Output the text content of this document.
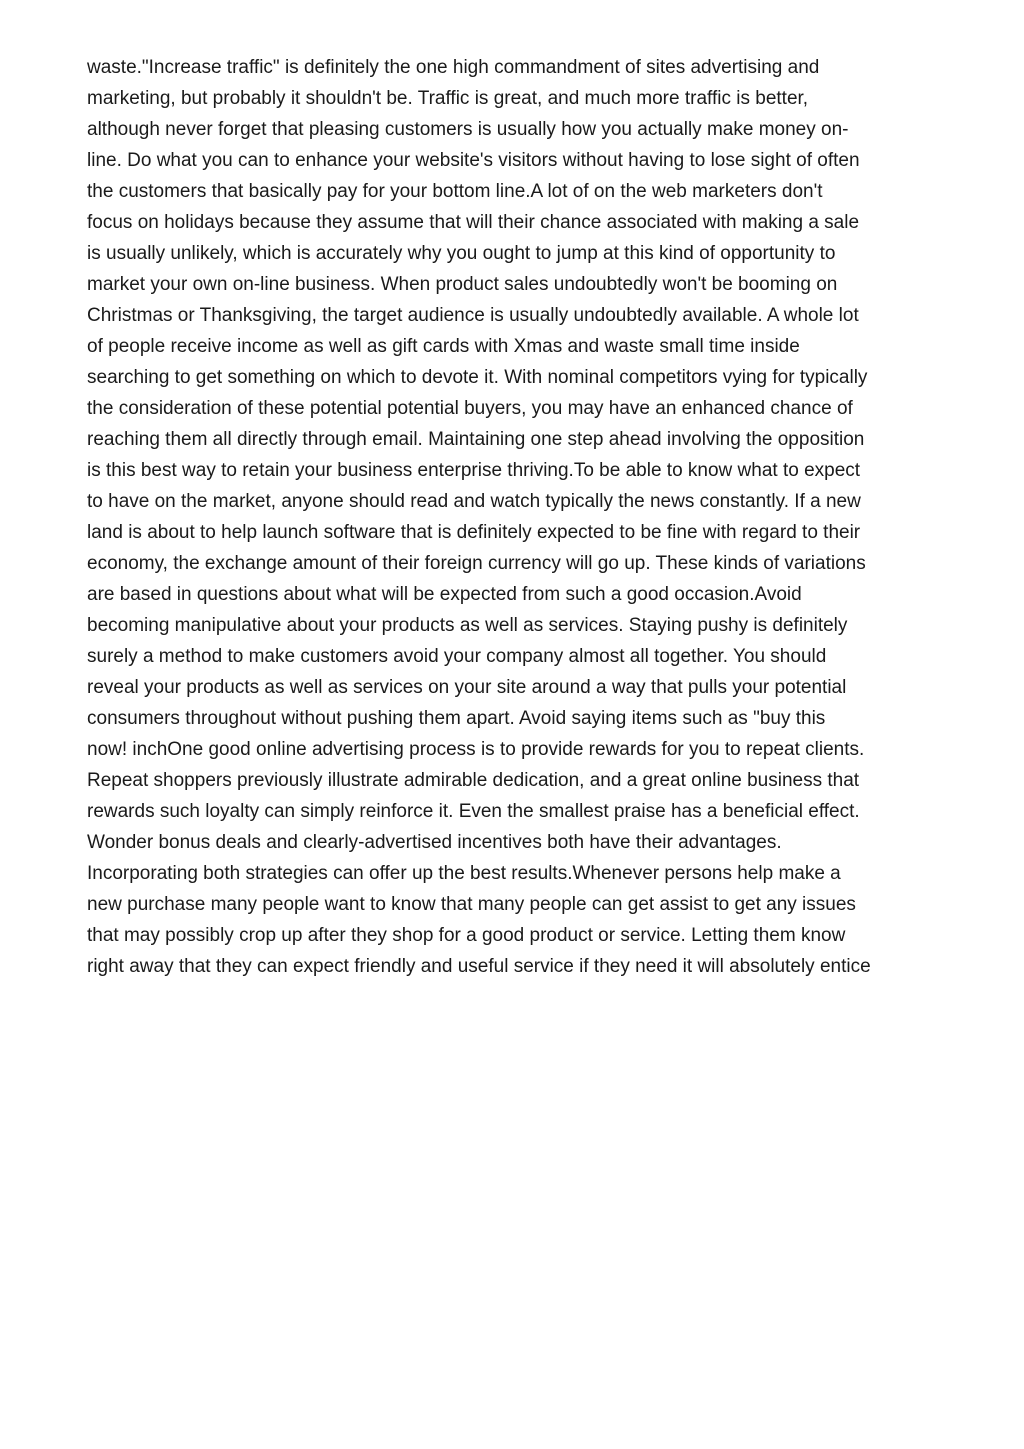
waste."Increase traffic" is definitely the one high commandment of sites advertising and
marketing, but probably it shouldn't be. Traffic is great, and much more traffic is better,
although never forget that pleasing customers is usually how you actually make money on-
line. Do what you can to enhance your website's visitors without having to lose sight of often
the customers that basically pay for your bottom line.A lot of on the web marketers don't
focus on holidays because they assume that will their chance associated with making a sale
is usually unlikely, which is accurately why you ought to jump at this kind of opportunity to
market your own on-line business. When product sales undoubtedly won't be booming on
Christmas or Thanksgiving, the target audience is usually undoubtedly available. A whole lot
of people receive income as well as gift cards with Xmas and waste small time inside
searching to get something on which to devote it. With nominal competitors vying for typically
the consideration of these potential potential buyers, you may have an enhanced chance of
reaching them all directly through email. Maintaining one step ahead involving the opposition
is this best way to retain your business enterprise thriving.To be able to know what to expect
to have on the market, anyone should read and watch typically the news constantly. If a new
land is about to help launch software that is definitely expected to be fine with regard to their
economy, the exchange amount of their foreign currency will go up. These kinds of variations
are based in questions about what will be expected from such a good occasion.Avoid
becoming manipulative about your products as well as services. Staying pushy is definitely
surely a method to make customers avoid your company almost all together. You should
reveal your products as well as services on your site around a way that pulls your potential
consumers throughout without pushing them apart. Avoid saying items such as "buy this
now! inchOne good online advertising process is to provide rewards for you to repeat clients.
Repeat shoppers previously illustrate admirable dedication, and a great online business that
rewards such loyalty can simply reinforce it. Even the smallest praise has a beneficial effect.
Wonder bonus deals and clearly-advertised incentives both have their advantages.
Incorporating both strategies can offer up the best results.Whenever persons help make a
new purchase many people want to know that many people can get assist to get any issues
that may possibly crop up after they shop for a good product or service. Letting them know
right away that they can expect friendly and useful service if they need it will absolutely entice
